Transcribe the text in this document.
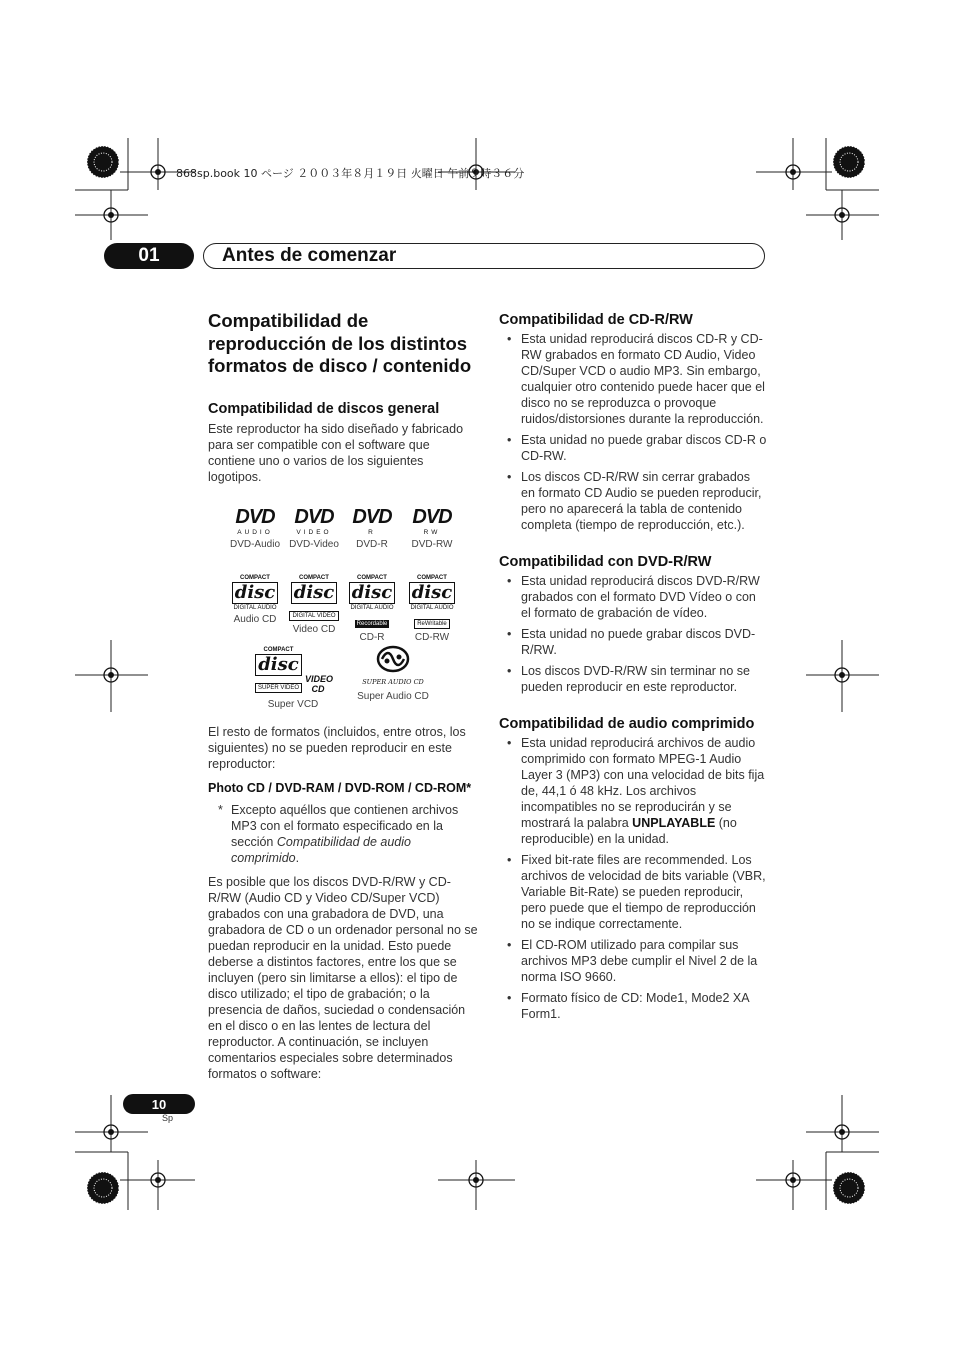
868sp.book 10 ページ ２００３年８月１９日 火曜日 午前９時３６分
01	Antes de comenzar
Compatibilidad de reproducción de los distintos formatos de disco / contenido
Compatibilidad de discos general

Este reproductor ha sido diseñado y fabricado para ser compatible con el software que contiene uno o varios de los siguientes logotipos.

DVD
AUDIO
DVD-Audio
DVD
VIDEO
DVD-Video
DVD
R
DVD-R
DVD
RW
DVD-RW
COMPACT
disc
DIGITAL AUDIO
Audio CD
COMPACT
disc
DIGITAL VIDEO
Video CD
COMPACT
disc
DIGITAL AUDIO
Recordable
CD-R
COMPACT
disc
DIGITAL AUDIO
ReWritable
CD-RW
COMPACT
disc
SUPER VIDEO
VIDEO CD
Super VCD
SUPER AUDIO CD
Super Audio CD

El resto de formatos (incluidos, entre otros, los siguientes) no se pueden reproducir en este reproductor:

Photo CD / DVD-RAM / DVD-ROM / CD-ROM*
* Excepto aquéllos que contienen archivos MP3 con el formato especificado en la sección Compatibilidad de audio comprimido.

Es posible que los discos DVD-R/RW y CD-R/RW (Audio CD y Video CD/Super VCD) grabados con una grabadora de DVD, una grabadora de CD o un ordenador personal no se puedan reproducir en la unidad. Esto puede deberse a distintos factores, entre los que se incluyen (pero sin limitarse a ellos): el tipo de disco utilizado; el tipo de grabación; o la presencia de daños, suciedad o condensación en el disco o en las lentes de lectura del reproductor. A continuación, se incluyen comentarios especiales sobre determinados formatos o software:

Compatibilidad de CD-R/RW
• Esta unidad reproducirá discos CD-R y CD-RW grabados en formato CD Audio, Video CD/Super VCD o audio MP3. Sin embargo, cualquier otro contenido puede hacer que el disco no se reproduzca o provoque ruidos/distorsiones durante la reproducción.
• Esta unidad no puede grabar discos CD-R o CD-RW.
• Los discos CD-R/RW sin cerrar grabados en formato CD Audio se pueden reproducir, pero no aparecerá la tabla de contenido completa (tiempo de reproducción, etc.).
Compatibilidad con DVD-R/RW
• Esta unidad reproducirá discos DVD-R/RW grabados con el formato DVD Vídeo o con el formato de grabación de vídeo.
• Esta unidad no puede grabar discos DVD-R/RW.
• Los discos DVD-R/RW sin terminar no se pueden reproducir en este reproductor.
Compatibilidad de audio comprimido
• Esta unidad reproducirá archivos de audio comprimido con formato MPEG-1 Audio Layer 3 (MP3) con una velocidad de bits fija de, 44,1 ó 48 kHz. Los archivos incompatibles no se reproducirán y se mostrará la palabra UNPLAYABLE (no reproducible) en la unidad.
• Fixed bit-rate files are recommended. Los archivos de velocidad de bits variable (VBR, Variable Bit-Rate) se pueden reproducir, pero puede que el tiempo de reproducción no se indique correctamente.
• El CD-ROM utilizado para compilar sus archivos MP3 debe cumplir el Nivel 2 de la norma ISO 9660.
• Formato físico de CD: Mode1, Mode2 XA Form1.
10
Sp
